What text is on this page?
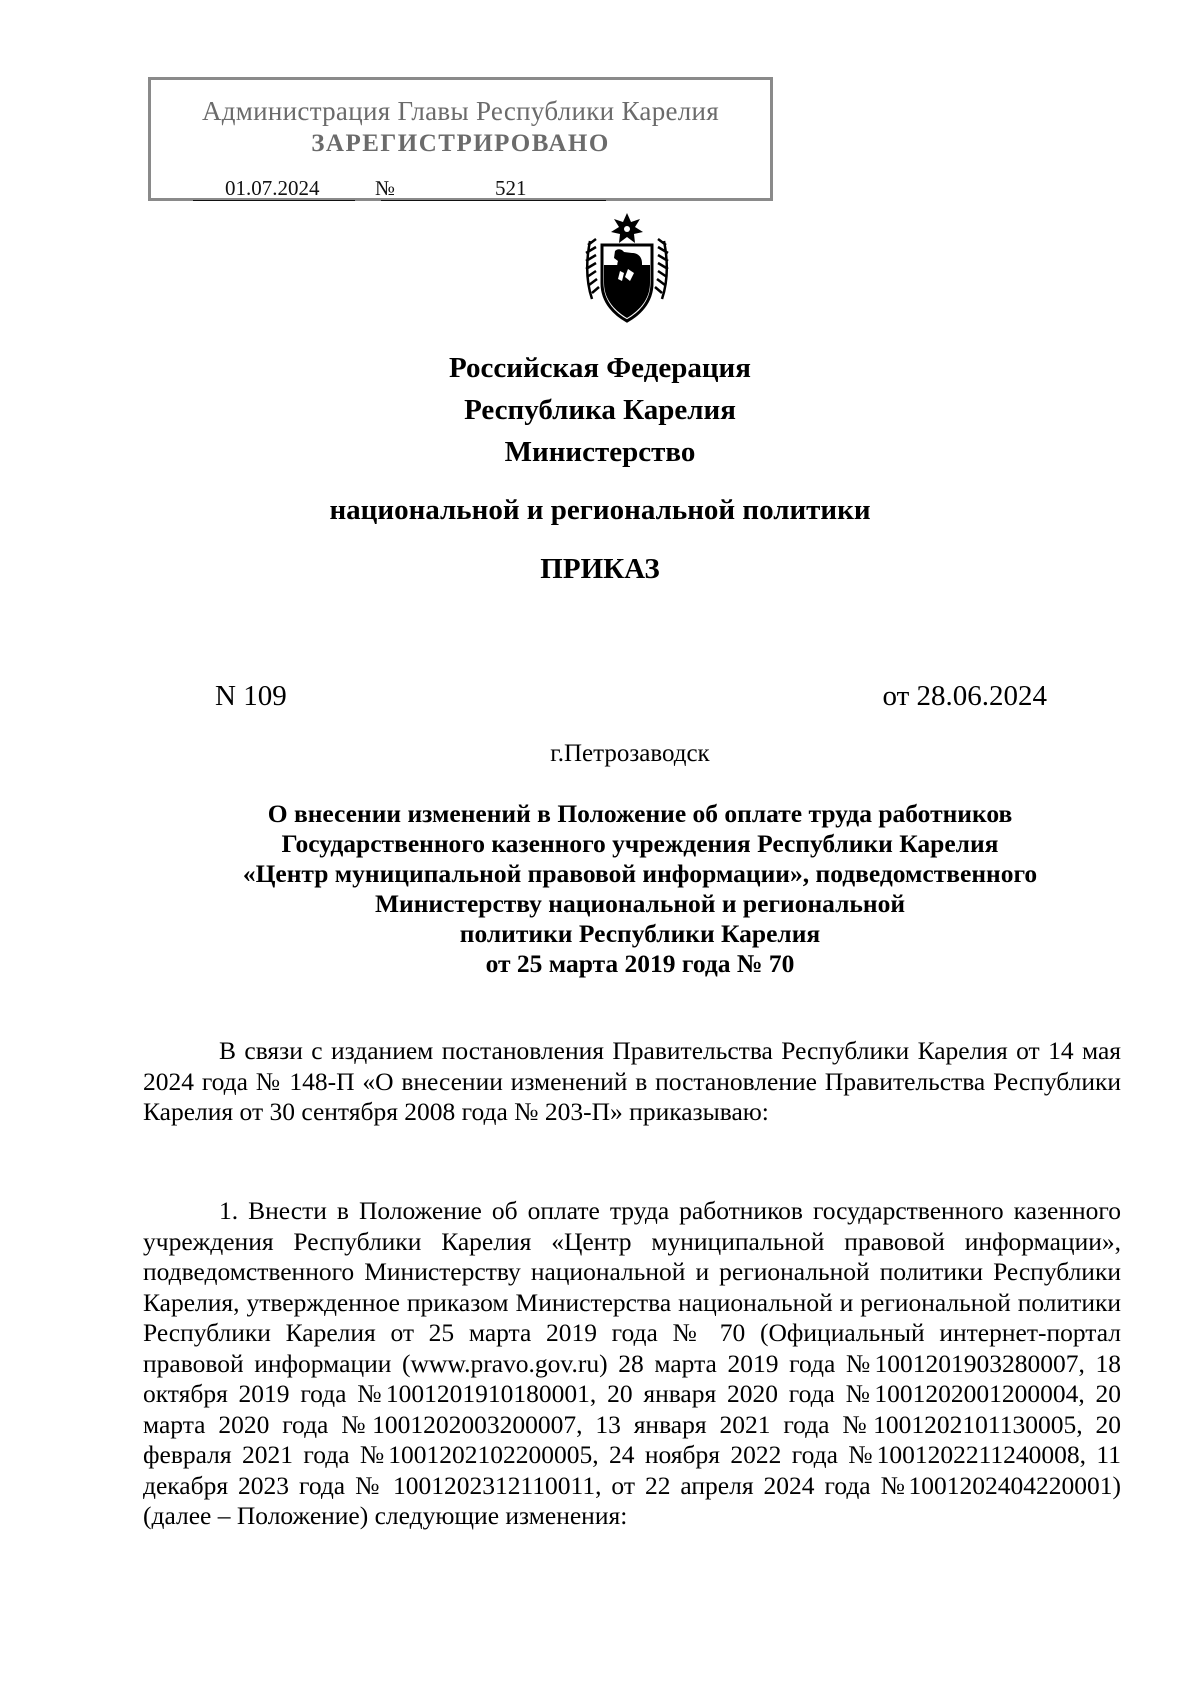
Администрация Главы Республики Карелия
ЗАРЕГИСТРИРОВАНО
01.07.2024	№	521
Российская Федерация
Республика Карелия
Министерство
национальной и региональной политики
ПРИКАЗ
N 109	от 28.06.2024
г.Петрозаводск
О внесении изменений в Положение об оплате труда работников
Государственного казенного учреждения Республики Карелия
«Центр муниципальной правовой информации», подведомственного
Министерству национальной и региональной
политики Республики Карелия
от 25 марта 2019 года № 70

В связи с изданием постановления Правительства Республики Карелия от 14 мая 2024 года № 148-П «О внесении изменений в постановление Правительства Республики Карелия от 30 сентября 2008 года № 203-П» приказываю:

1. Внести в Положение об оплате труда работников государственного казенного учреждения Республики Карелия «Центр муниципальной правовой информации», подведомственного Министерству национальной и региональной политики Республики Карелия, утвержденное приказом Министерства национальной и региональной политики Республики Карелия от 25 марта 2019 года № 70 (Официальный интернет-портал правовой информации (www.pravo.gov.ru) 28 марта 2019 года №1001201903280007, 18 октября 2019 года №1001201910180001, 20 января 2020 года №1001202001200004, 20 марта 2020 года №1001202003200007, 13 января 2021 года №1001202101130005, 20 февраля 2021 года №1001202102200005, 24 ноября 2022 года №1001202211240008, 11 декабря 2023 года № 1001202312110011, от 22 апреля 2024 года №1001202404220001) (далее – Положение) следующие изменения:
